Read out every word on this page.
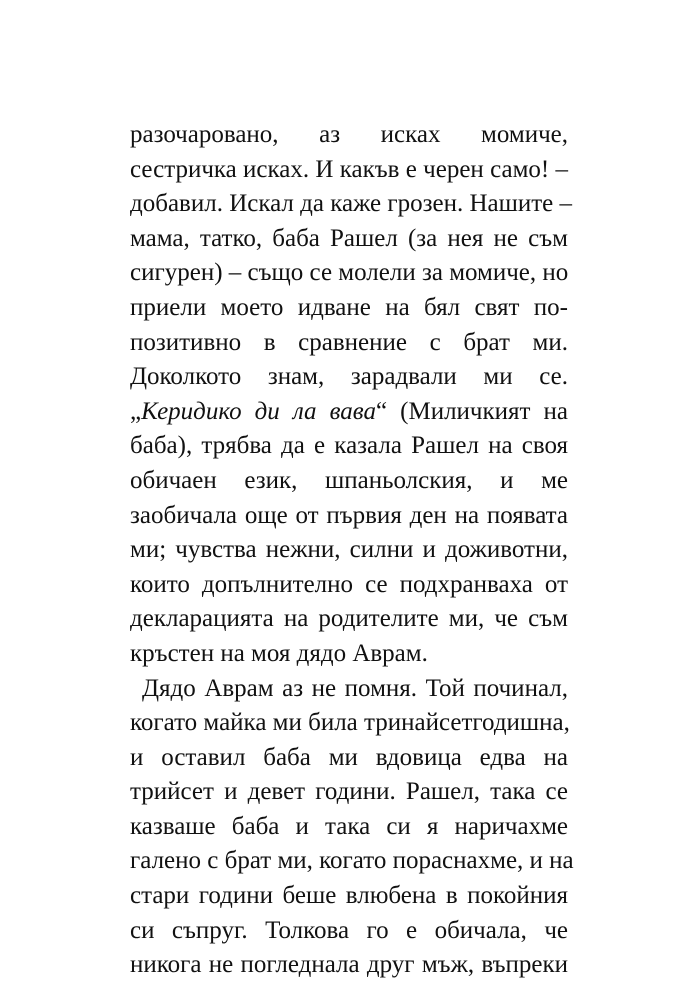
разочаровано, аз исках момиче,
сестричка исках. И какъв е черен само! –
добавил. Искал да каже грозен. Нашите –
мама, татко, баба Рашел (за нея не съм
сигурен) – също се молели за момиче, но
приели моето идване на бял свят по-
позитивно в сравнение с брат ми.
Доколкото знам, зарадвали ми се.
„Керидико ди ла вава“ (Миличкият на
баба), трябва да е казала Рашел на своя
обичаен език, шпаньолския, и ме
заобичала още от първия ден на появата
ми; чувства нежни, силни и доживотни,
които допълнително се подхранваха от
декларацията на родителите ми, че съм
кръстен на моя дядо Аврам.
Дядо Аврам аз не помня. Той починал,
когато майка ми била тринайсетгодишна,
и оставил баба ми вдовица едва на
трийсет и девет години. Рашел, така се
казваше баба и така си я наричахме
галено с брат ми, когато пораснахме, и на
стари години беше влюбена в покойния
си съпруг. Толкова го е обичала, че
никога не погледнала друг мъж, въпреки
